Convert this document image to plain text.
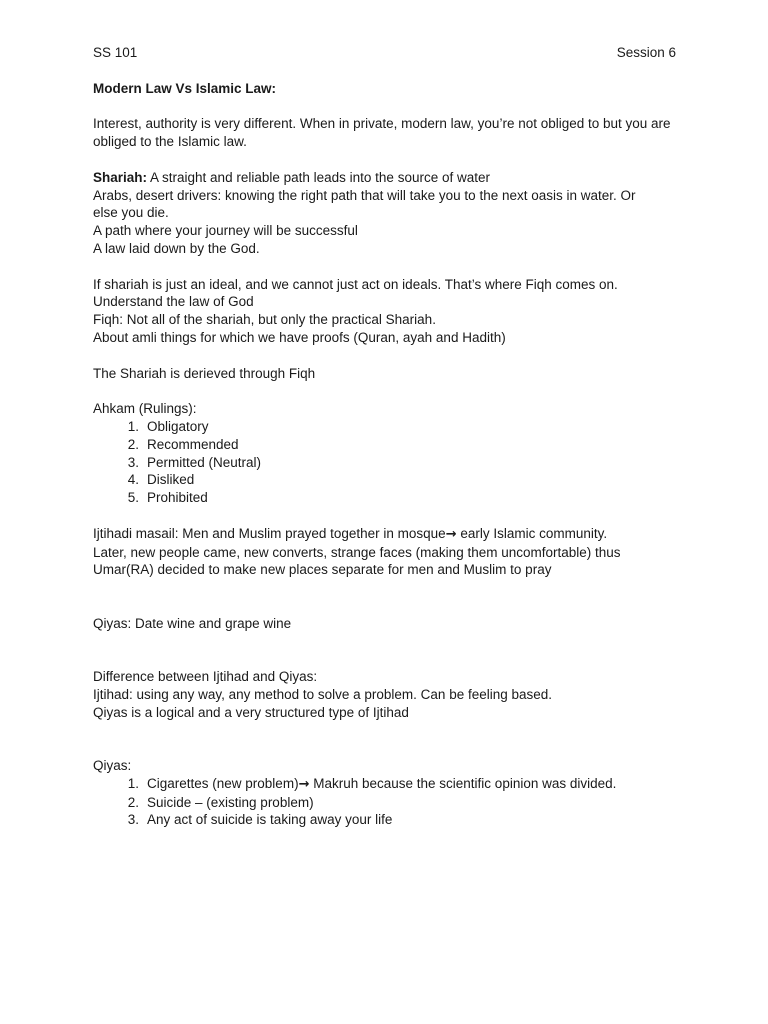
SS 101	Session 6
Modern Law Vs Islamic Law:
Interest, authority is very different. When in private, modern law, you’re not obliged to but you are obliged to the Islamic law.
Shariah: A straight and reliable path leads into the source of water
Arabs, desert drivers: knowing the right path that will take you to the next oasis in water. Or
else you die.
A path where your journey will be successful
A law laid down by the God.
If shariah is just an ideal, and we cannot just act on ideals. That’s where Fiqh comes on.
Understand the law of God
Fiqh: Not all of the shariah, but only the practical Shariah.
About amli things for which we have proofs (Quran, ayah and Hadith)
The Shariah is derieved through Fiqh
Ahkam (Rulings):
1. Obligatory
2. Recommended
3. Permitted (Neutral)
4. Disliked
5. Prohibited
Ijtihadi masail: Men and Muslim prayed together in mosque→ early Islamic community.
Later, new people came, new converts, strange faces (making them uncomfortable) thus
Umar(RA) decided to make new places separate for men and Muslim to pray
Qiyas: Date wine and grape wine
Difference between Ijtihad and Qiyas:
Ijtihad: using any way, any method to solve a problem. Can be feeling based.
Qiyas is a logical and a very structured type of Ijtihad
Qiyas:
1. Cigarettes (new problem)→ Makruh because the scientific opinion was divided.
2. Suicide – (existing problem)
3. Any act of suicide is taking away your life
